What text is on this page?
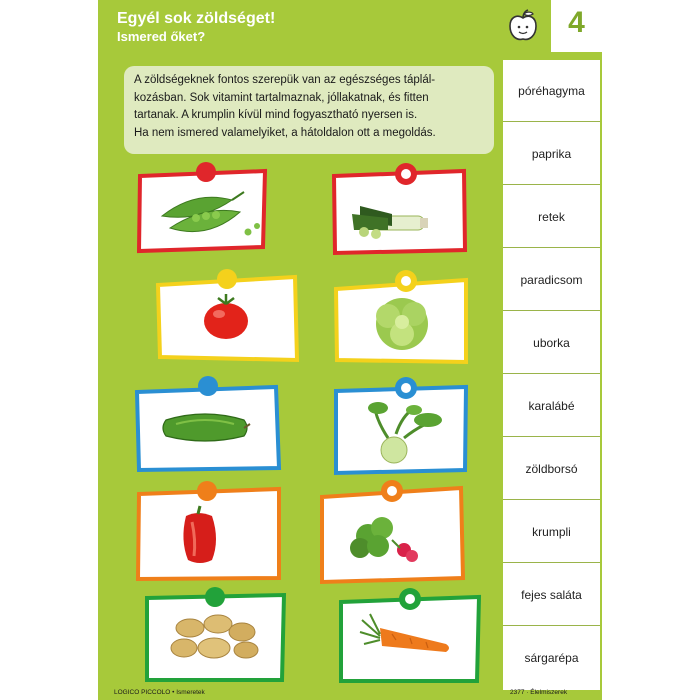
Egyél sok zöldséget!
Ismered őket?	4
A zöldségeknek fontos szerepük van az egészséges táplál-
kozásban. Sok vitamint tartalmaznak, jóllakatnak, és fitten
tartanak. A krumplin kívül mind fogyasztható nyersen is.
Ha nem ismered valamelyiket, a hátoldalon ott a megoldás.
póréhagyma
paprika
retek
paradicsom
uborka
karalábé
zöldborsó
krumpli
fejes saláta
sárgarépa
LOGICO PICCOLO • Ismeretek	2377 · Élelmiszerek
